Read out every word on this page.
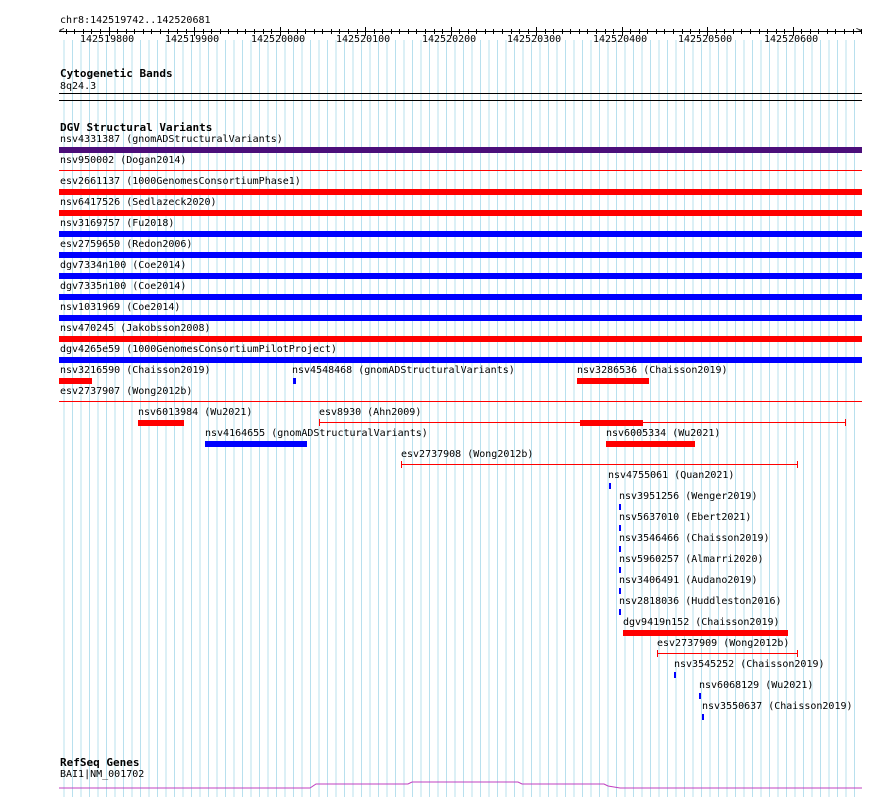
chr8:142519742..142520681
<	>
142519800	142519900	142520000	142520100	142520200	142520300	142520400	142520500	142520600
Cytogenetic Bands
8q24.3
DGV Structural Variants
nsv4331387 (gnomADStructuralVariants)
nsv950002 (Dogan2014)
esv2661137 (1000GenomesConsortiumPhase1)
nsv6417526 (Sedlazeck2020)
nsv3169757 (Fu2018)
esv2759650 (Redon2006)
dgv7334n100 (Coe2014)
dgv7335n100 (Coe2014)
nsv1031969 (Coe2014)
nsv470245 (Jakobsson2008)
dgv4265e59 (1000GenomesConsortiumPilotProject)
nsv3216590 (Chaisson2019)	nsv4548468 (gnomADStructuralVariants)	nsv3286536 (Chaisson2019)
esv2737907 (Wong2012b)
nsv6013984 (Wu2021)	esv8930 (Ahn2009)
nsv4164655 (gnomADStructuralVariants)	nsv6005334 (Wu2021)
esv2737908 (Wong2012b)
nsv4755061 (Quan2021)
nsv3951256 (Wenger2019)
nsv5637010 (Ebert2021)
nsv3546466 (Chaisson2019)
nsv5960257 (Almarri2020)
nsv3406491 (Audano2019)
nsv2818036 (Huddleston2016)
dgv9419n152 (Chaisson2019)
esv2737909 (Wong2012b)
nsv3545252 (Chaisson2019)
nsv6068129 (Wu2021)
nsv3550637 (Chaisson2019)
RefSeq Genes
BAI1|NM_001702
